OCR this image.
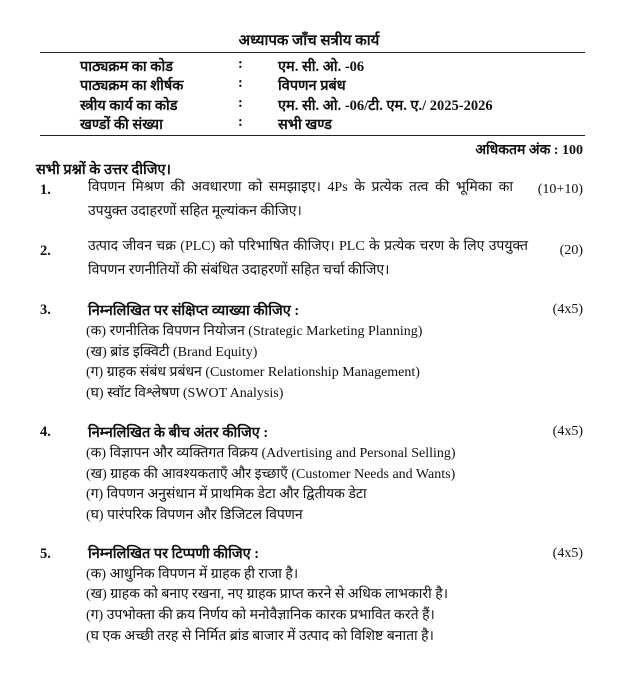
अध्यापक जाँच सत्रीय कार्य
पाठ्यक्रम का कोड	: एम. सी. ओ. -06
पाठ्यक्रम का शीर्षक	: विपणन प्रबंध
स्त्रीय कार्य का कोड	: एम. सी. ओ. -06/टी. एम. ए./ 2025-2026
खण्डों की संख्या	: सभी खण्ड
अधिकतम अंक : 100
सभी प्रश्नों के उत्तर दीजिए।
1.	विपणन मिश्रण की अवधारणा को समझाइए। 4Ps के प्रत्येक तत्व की भूमिका का उपयुक्त उदाहरणों सहित मूल्यांकन कीजिए।
(10+10)
2.	उत्पाद जीवन चक्र (PLC) को परिभाषित कीजिए। PLC के प्रत्येक चरण के लिए उपयुक्त विपणन रणनीतियों की संबंधित उदाहरणों सहित चर्चा कीजिए।
(20)
3.	निम्नलिखित पर संक्षिप्त व्याख्या कीजिए :	(4x5)
(क) रणनीतिक विपणन नियोजन (Strategic Marketing Planning)
(ख) ब्रांड इक्विटी (Brand Equity)
(ग) ग्राहक संबंध प्रबंधन (Customer Relationship Management)
(घ) स्वॉट विश्लेषण (SWOT Analysis)
4.	निम्नलिखित के बीच अंतर कीजिए :	(4x5)
(क) विज्ञापन और व्यक्तिगत विक्रय (Advertising and Personal Selling)
(ख) ग्राहक की आवश्यकताएँ और इच्छाएँ (Customer Needs and Wants)
(ग) विपणन अनुसंधान में प्राथमिक डेटा और द्वितीयक डेटा
(घ) पारंपरिक विपणन और डिजिटल विपणन
5.	निम्नलिखित पर टिप्पणी कीजिए :	(4x5)
(क) आधुनिक विपणन में ग्राहक ही राजा है।
(ख) ग्राहक को बनाए रखना, नए ग्राहक प्राप्त करने से अधिक लाभकारी है।
(ग) उपभोक्ता की क्रय निर्णय को मनोवैज्ञानिक कारक प्रभावित करते हैं।
(घ एक अच्छी तरह से निर्मित ब्रांड बाजार में उत्पाद को विशिष्ट बनाता है।
